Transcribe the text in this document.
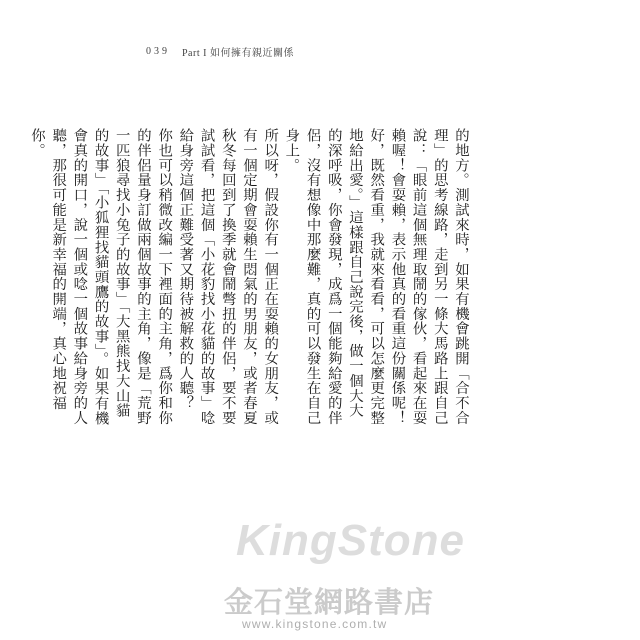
039 Part I 如何擁有親近關係

的地方。測試來時，如果有機會跳開「合不合理」的思考線路，走到另一條大馬路上跟自己說：「眼前這個無理取鬧的傢伙，看起來在耍賴喔！會耍賴，表示他真的看重這份關係呢！好，既然看重，我就來看看，可以怎麼更完整地給出愛。」這樣跟自己說完後，做一個大大的深呼吸，你會發現，成爲一個能夠給愛的伴侶，沒有想像中那麼難，真的可以發生在自己身上。

所以呀，假設你有一個正在耍賴的女朋友，或有一個定期會耍賴生悶氣的男朋友，或者春夏秋冬每回到了換季就會鬧彆扭的伴侶，要不要試試看，把這個「小花豹找小花貓的故事」唸給身旁這個正難受著又期待被解救的人聽？

你也可以稍微改編一下裡面的主角，爲你和你的伴侶量身訂做兩個故事的主角，像是「荒野一匹狼尋找小兔子的故事」「大黑熊找大山貓的故事」「小狐狸找貓頭鷹的故事」。如果有機會真的開口，說一個或唸一個故事給身旁的人聽，那很可能是新幸福的開端，真心地祝福你。

KingStone
金石堂網路書店
www.kingstone.com.tw
